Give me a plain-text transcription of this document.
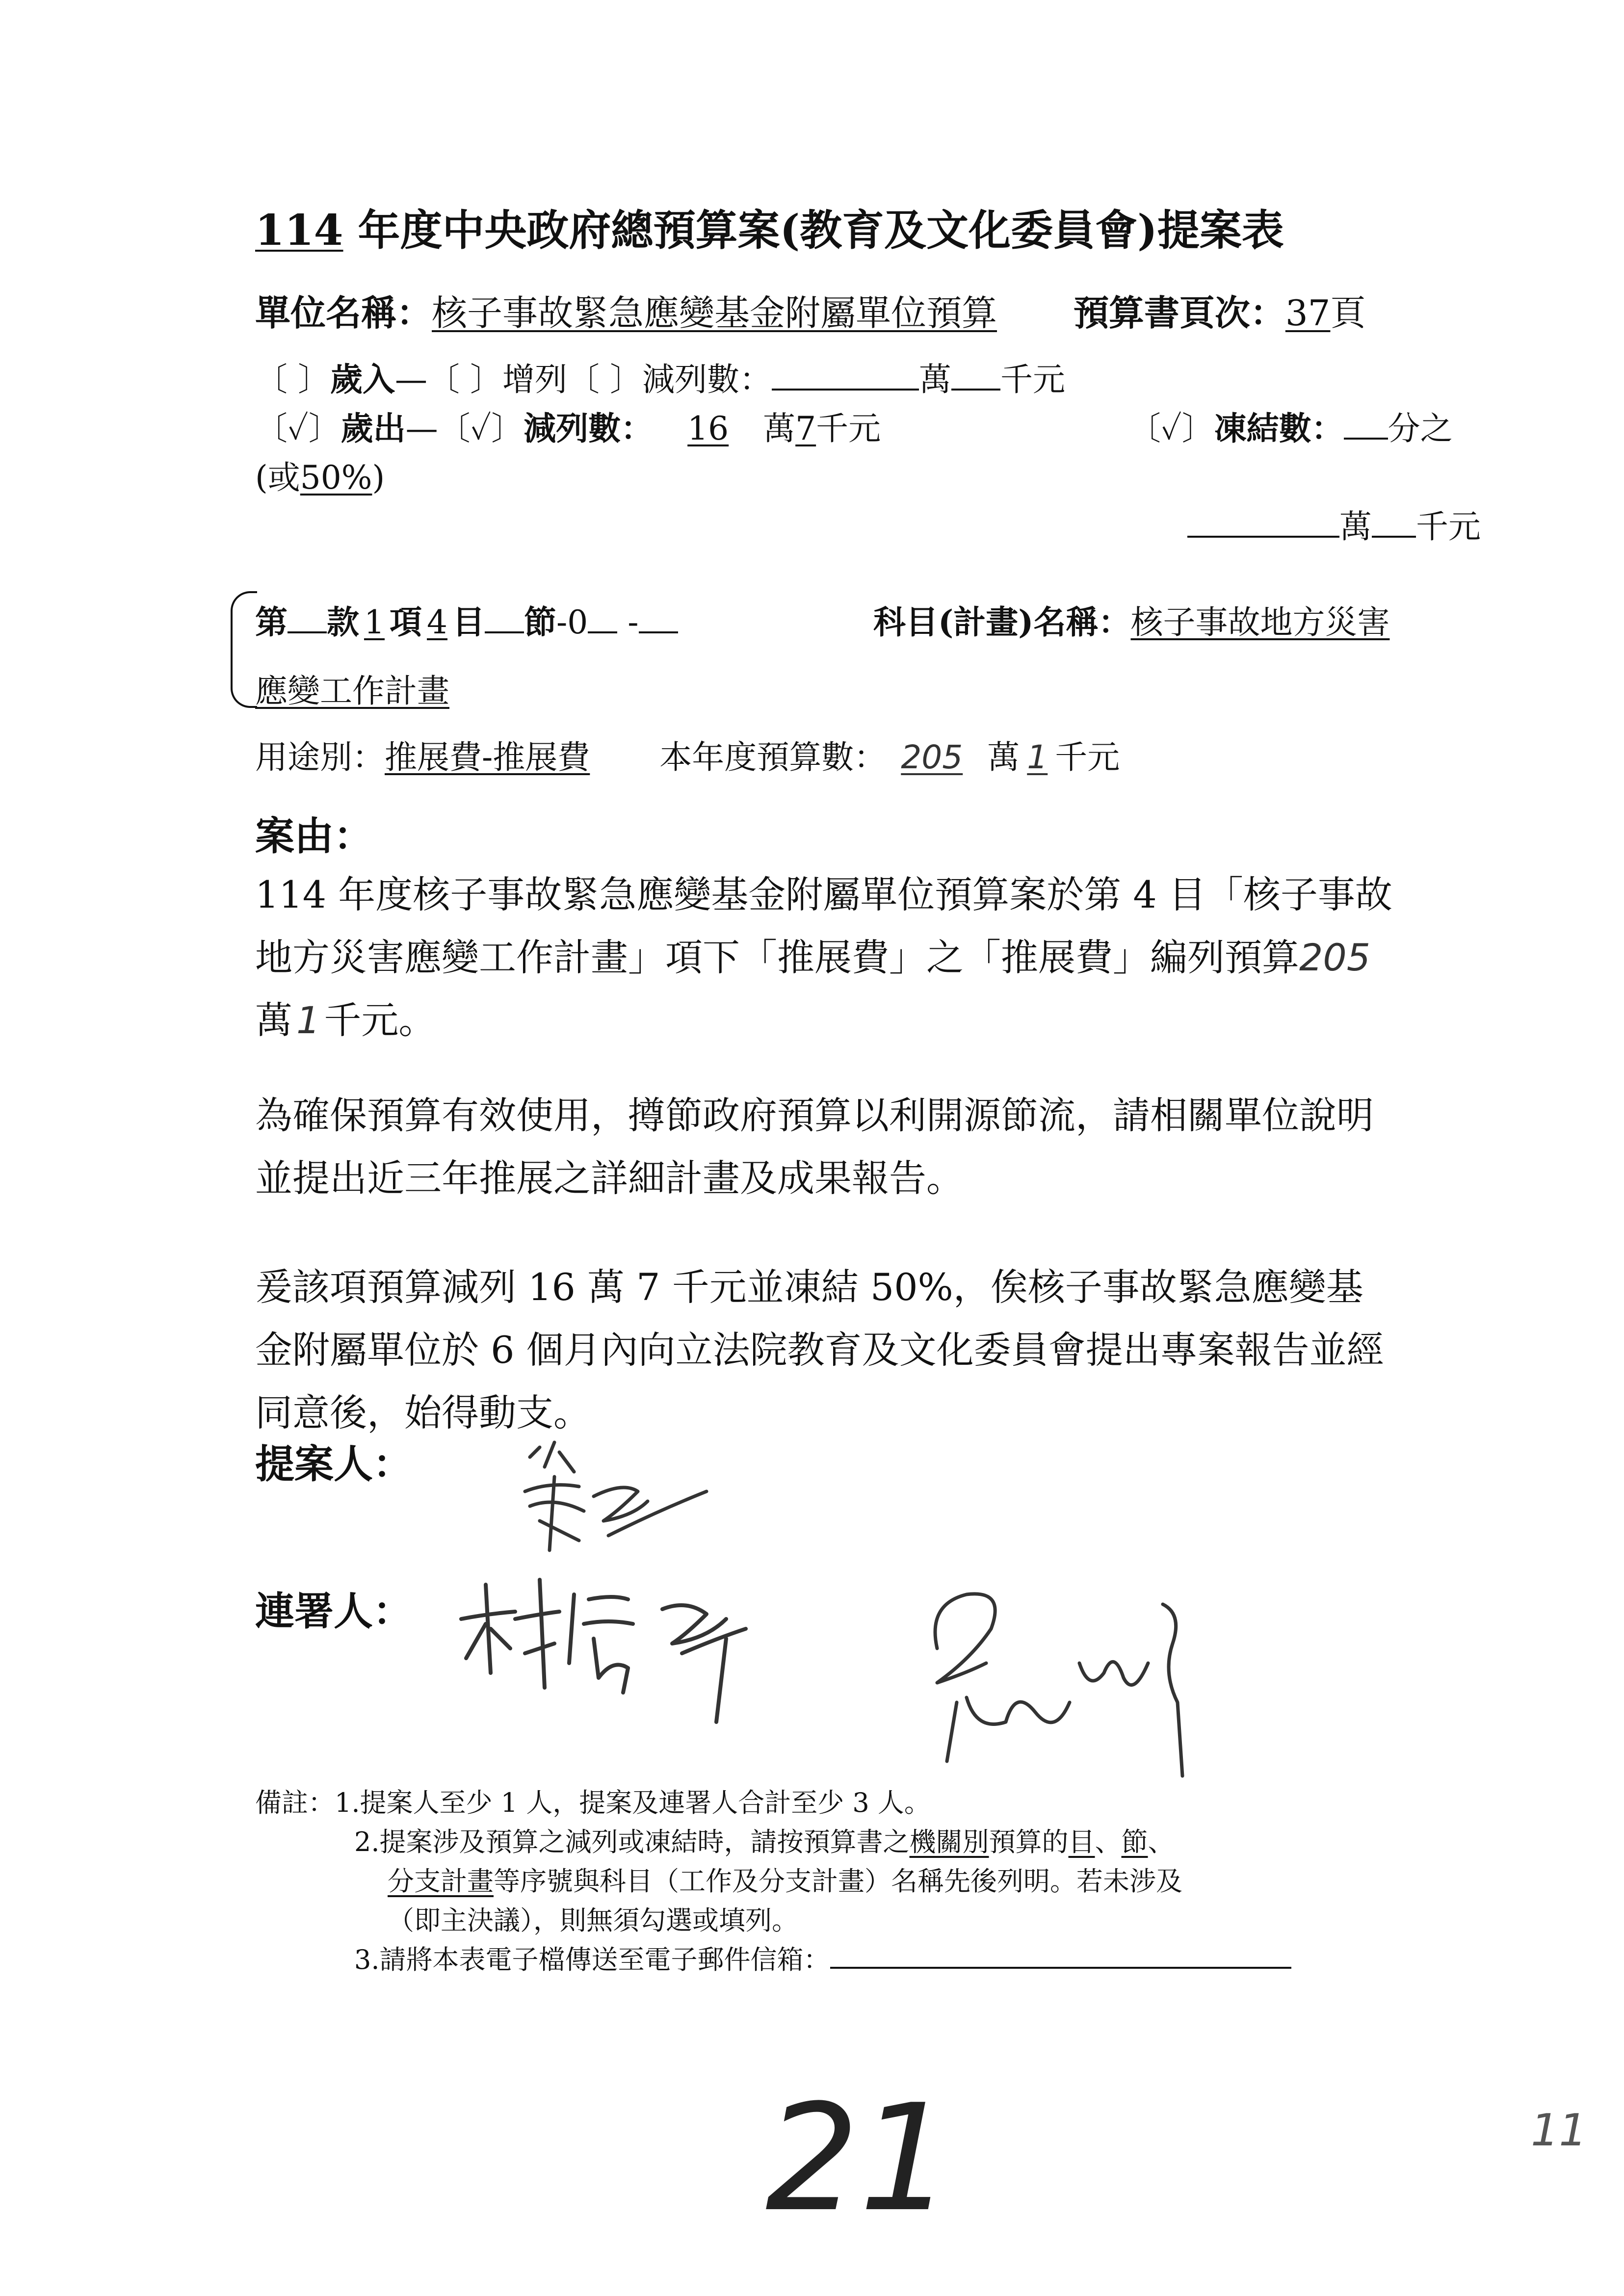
114 年度中央政府總預算案(教育及文化委員會)提案表
單位名稱：核子事故緊急應變基金附屬單位預算 預算書頁次：37頁
〔 〕歲入—〔 〕增列〔 〕減列數：	萬 千元
〔✓〕歲出—〔✓〕減列數： 16 萬7千元	〔✓〕凍結數： 分之
(或50%)
萬 千元
第 款 1 項 4 目 節-0 -	科目(計畫)名稱：核子事故地方災害
應變工作計畫
用途別：推展費-推展費 本年度預算數： 205 萬 1 千元
案由：
114 年度核子事故緊急應變基金附屬單位預算案於第 4 目「核子事故地方災害應變工作計畫」項下「推展費」之「推展費」編列預算205萬 1 千元。
為確保預算有效使用，撙節政府預算以利開源節流，請相關單位說明並提出近三年推展之詳細計畫及成果報告。
爰該項預算減列 16 萬 7 千元並凍結 50%，俟核子事故緊急應變基金附屬單位於 6 個月內向立法院教育及文化委員會提出專案報告並經同意後，始得動支。
提案人：
連署人：
備註：1.提案人至少 1 人，提案及連署人合計至少 3 人。
2.提案涉及預算之減列或凍結時，請按預算書之機關別預算的目、節、
分支計畫等序號與科目（工作及分支計畫）名稱先後列明。若未涉及
（即主決議），則無須勾選或填列。
3.請將本表電子檔傳送至電子郵件信箱：
21	11
